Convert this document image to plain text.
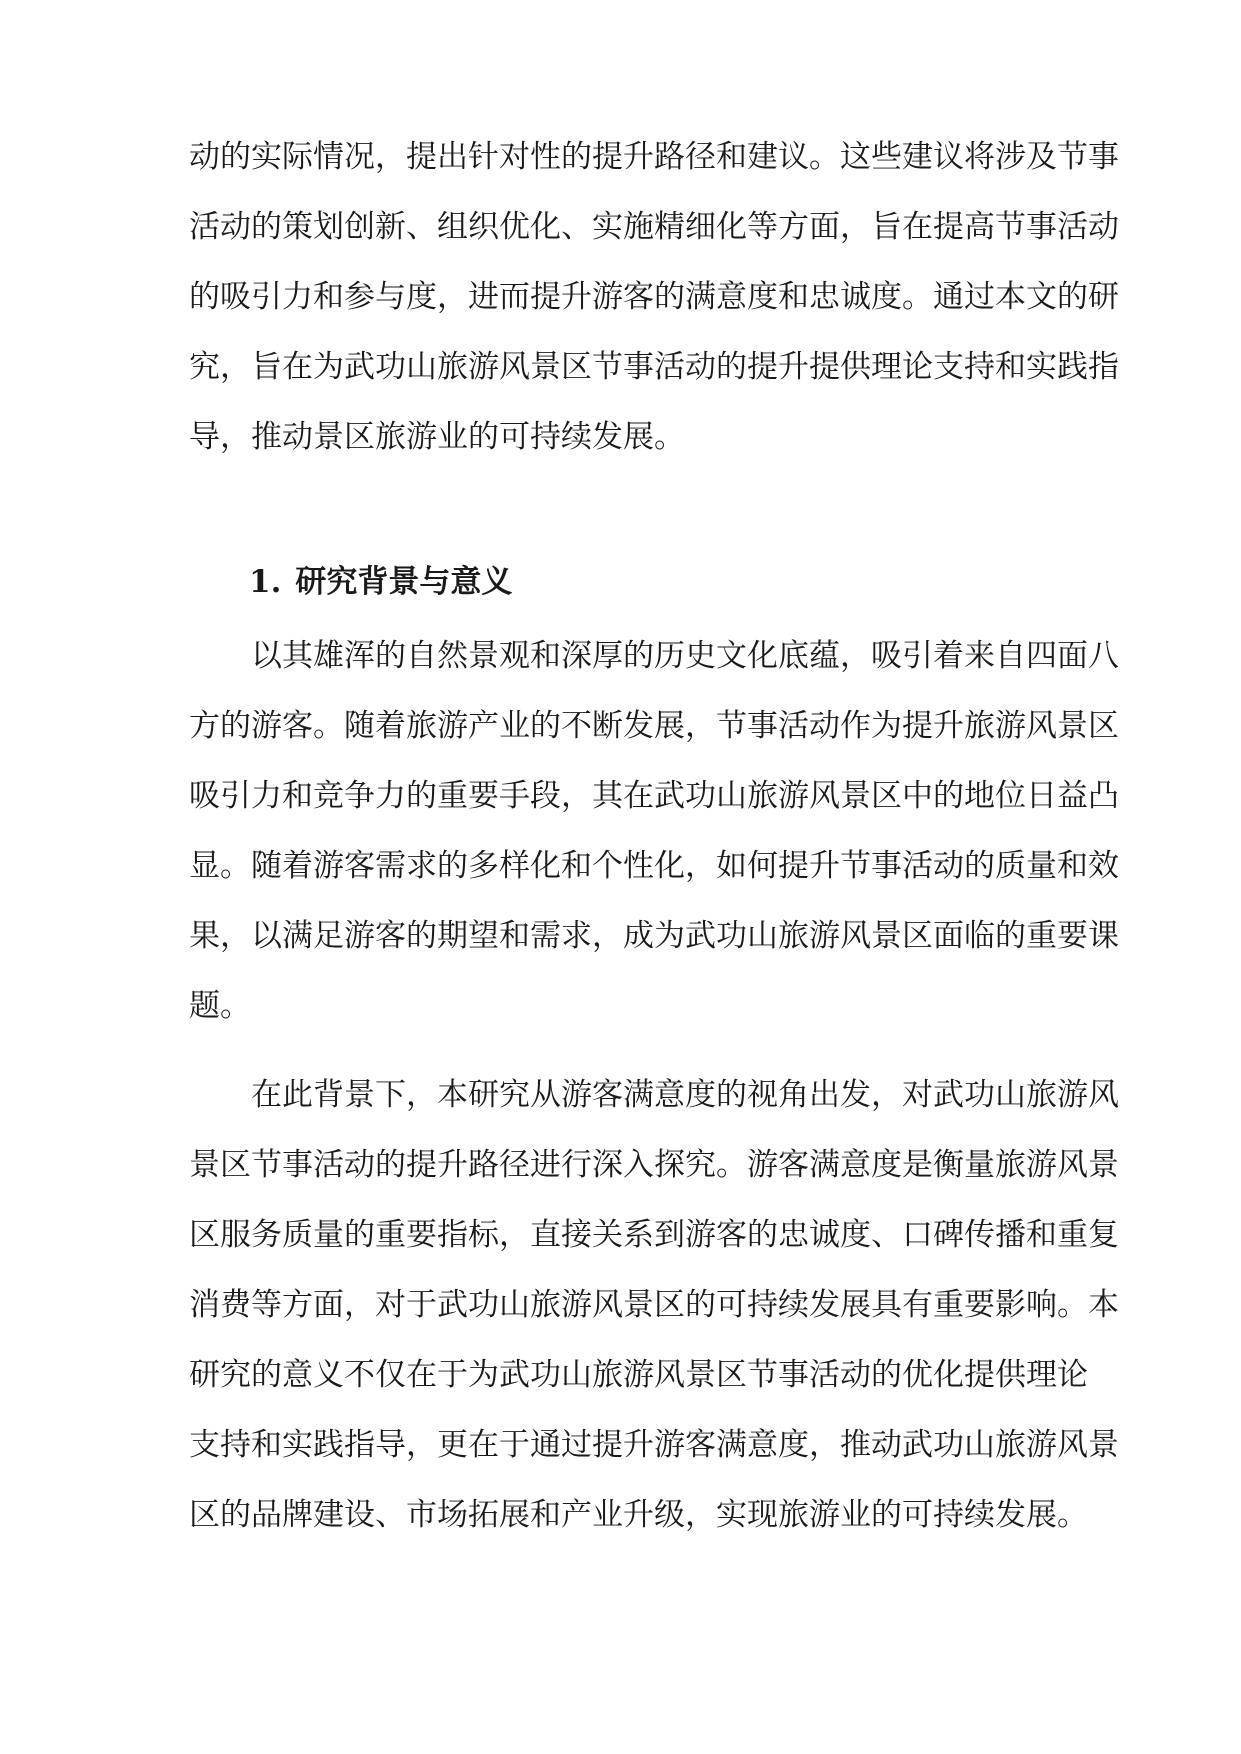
动的实际情况，提出针对性的提升路径和建议。这些建议将涉及节事
活动的策划创新、组织优化、实施精细化等方面，旨在提高节事活动
的吸引力和参与度，进而提升游客的满意度和忠诚度。通过本文的研
究，旨在为武功山旅游风景区节事活动的提升提供理论支持和实践指
导，推动景区旅游业的可持续发展。
1. 研究背景与意义
以其雄浑的自然景观和深厚的历史文化底蕴，吸引着来自四面八
方的游客。随着旅游产业的不断发展，节事活动作为提升旅游风景区
吸引力和竞争力的重要手段，其在武功山旅游风景区中的地位日益凸
显。随着游客需求的多样化和个性化，如何提升节事活动的质量和效
果，以满足游客的期望和需求，成为武功山旅游风景区面临的重要课
题。
在此背景下，本研究从游客满意度的视角出发，对武功山旅游风
景区节事活动的提升路径进行深入探究。游客满意度是衡量旅游风景
区服务质量的重要指标，直接关系到游客的忠诚度、口碑传播和重复
消费等方面，对于武功山旅游风景区的可持续发展具有重要影响。本
研究的意义不仅在于为武功山旅游风景区节事活动的优化提供理论
支持和实践指导，更在于通过提升游客满意度，推动武功山旅游风景
区的品牌建设、市场拓展和产业升级，实现旅游业的可持续发展。
